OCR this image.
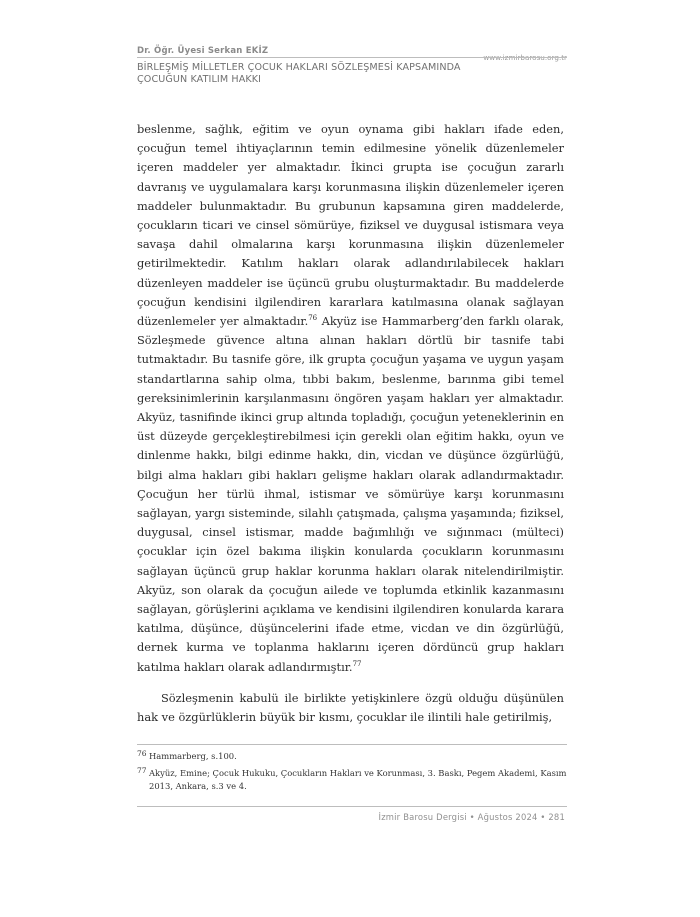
Dr. Öğr. Üyesi Serkan EKİZ
www.izmirbarosu.org.tr
BİRLEŞMİŞ MİLLETLER ÇOCUK HAKLARI SÖZLEŞMESİ KAPSAMINDA
ÇOCUĞUN KATILIM HAKKI

beslenme, sağlık, eğitim ve oyun oynama gibi hakları ifade eden, çocuğun temel ihtiyaçlarının temin edilmesine yönelik düzenlemeler içeren maddeler yer almaktadır. İkinci grupta ise çocuğun zararlı davranış ve uygulamalara karşı korunmasına ilişkin düzenlemeler içeren maddeler bulunmaktadır. Bu grubunun kapsamına giren maddelerde, çocukların ticari ve cinsel sömürüye, fiziksel ve duygusal istismara veya savaşa dahil olmalarına karşı korunmasına ilişkin düzenlemeler getirilmektedir. Katılım hakları olarak adlandırılabilecek hakları düzenleyen maddeler ise üçüncü grubu oluşturmaktadır. Bu maddelerde çocuğun kendisini ilgilendiren kararlara katılmasına olanak sağlayan düzenlemeler yer almaktadır.$^{76}$ Akyüz ise Hammarberg’den farklı olarak, Sözleşmede güvence altına alınan hakları dörtlü bir tasnife tabi tutmaktadır. Bu tasnife göre, ilk grupta çocuğun yaşama ve uygun yaşam standartlarına sahip olma, tıbbi bakım, beslenme, barınma gibi temel gereksinimlerinin karşılanmasını öngören yaşam hakları yer almaktadır. Akyüz, tasnifinde ikinci grup altında topladığı, çocuğun yeteneklerinin en üst düzeyde gerçekleştirebilmesi için gerekli olan eğitim hakkı, oyun ve dinlenme hakkı, bilgi edinme hakkı, din, vicdan ve düşünce özgürlüğü, bilgi alma hakları gibi hakları gelişme hakları olarak adlandırmaktadır. Çocuğun her türlü ihmal, istismar ve sömürüye karşı korunmasını sağlayan, yargı sisteminde, silahlı çatışmada, çalışma yaşamında; fiziksel, duygusal, cinsel istismar, madde bağımlılığı ve sığınmacı (mülteci) çocuklar için özel bakıma ilişkin konularda çocukların korunmasını sağlayan üçüncü grup haklar korunma hakları olarak nitelendirilmiştir. Akyüz, son olarak da çocuğun ailede ve toplumda etkinlik kazanmasını sağlayan, görüşlerini açıklama ve kendisini ilgilendiren konularda karara katılma, düşünce, düşüncelerini ifade etme, vicdan ve din özgürlüğü, dernek kurma ve toplanma haklarını içeren dördüncü grup hakları katılma hakları olarak adlandırmıştır.$^{77}$

Sözleşmenin kabulü ile birlikte yetişkinlere özgü olduğu düşünülen hak ve özgürlüklerin büyük bir kısmı, çocuklar ile ilintili hale getirilmiş,

76 Hammarberg, s.100.
77 Akyüz, Emine; Çocuk Hukuku, Çocukların Hakları ve Korunması, 3. Baskı, Pegem Akademi, Kasım 2013, Ankara, s.3 ve 4.
İzmir Barosu Dergisi • Ağustos 2024 • 281
